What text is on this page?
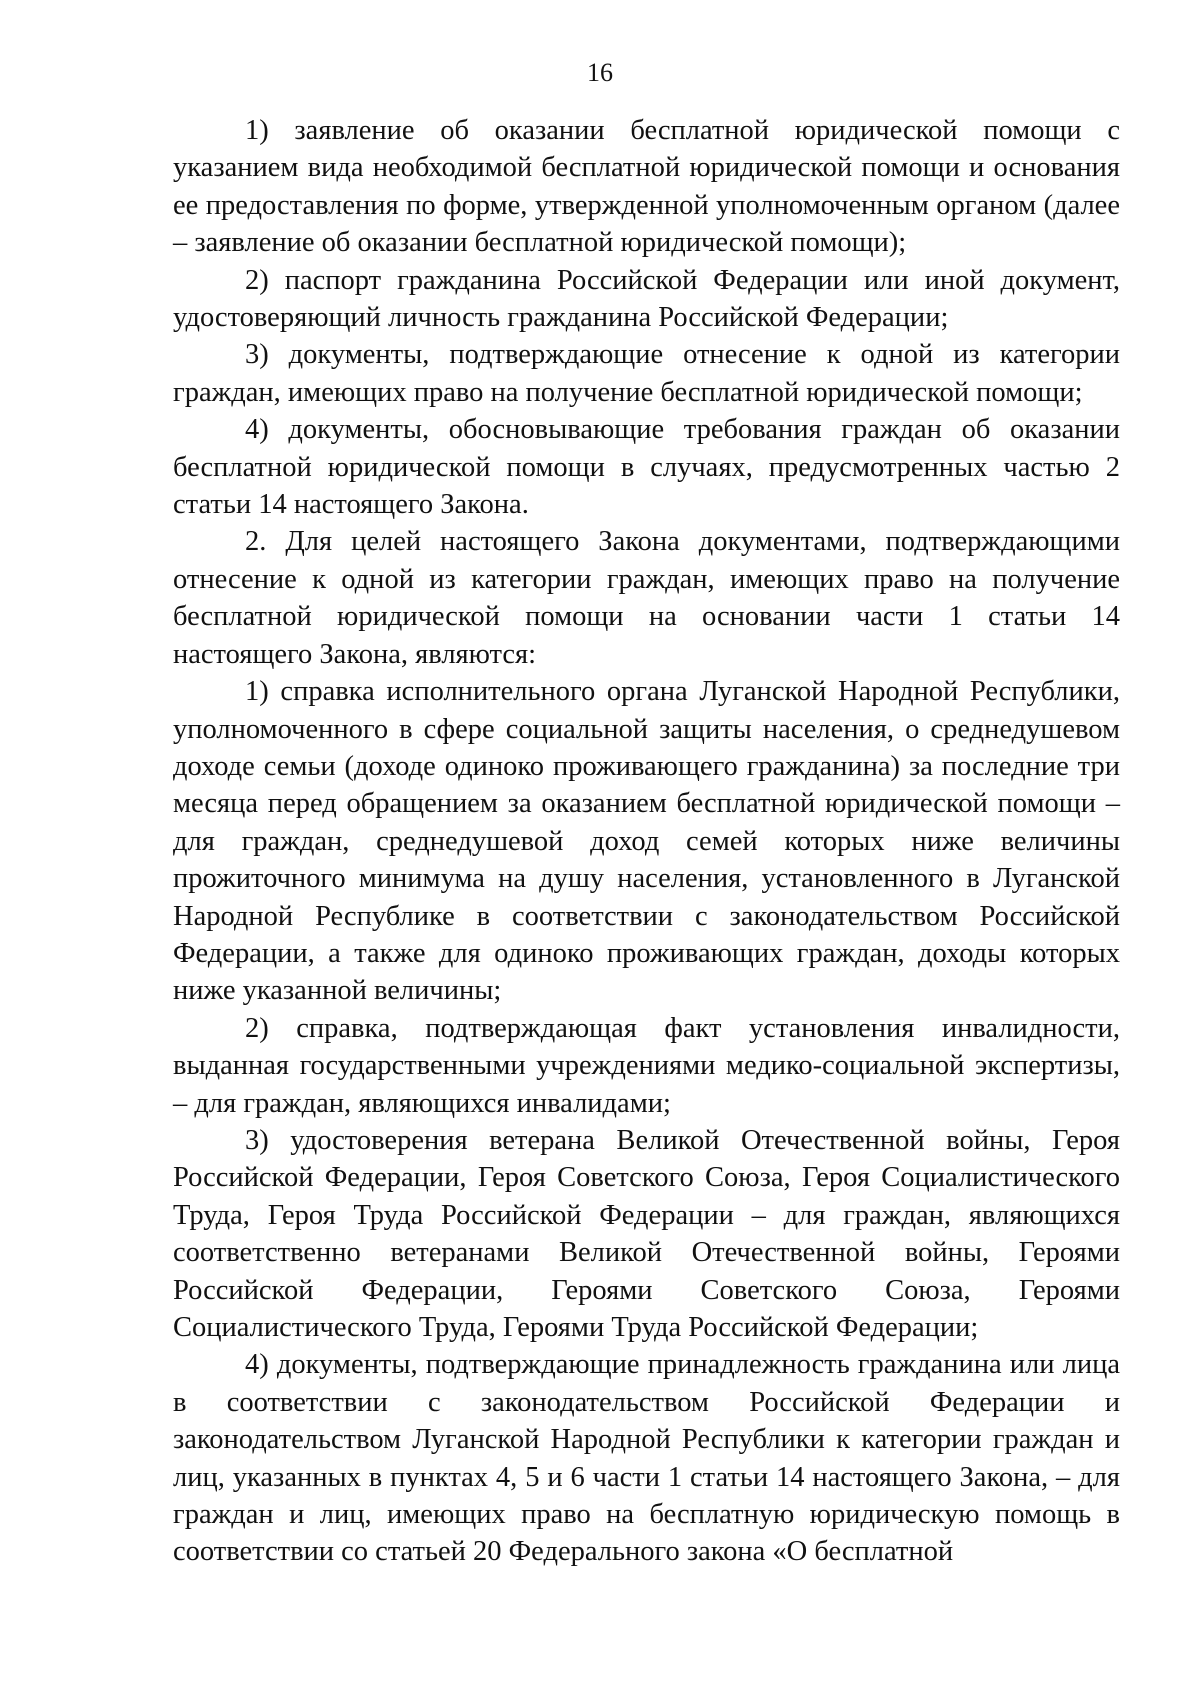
16

1) заявление об оказании бесплатной юридической помощи с указанием вида необходимой бесплатной юридической помощи и основания ее предоставления по форме, утвержденной уполномоченным органом (далее – заявление об оказании бесплатной юридической помощи);

2) паспорт гражданина Российской Федерации или иной документ, удостоверяющий личность гражданина Российской Федерации;

3) документы, подтверждающие отнесение к одной из категории граждан, имеющих право на получение бесплатной юридической помощи;

4) документы, обосновывающие требования граждан об оказании бесплатной юридической помощи в случаях, предусмотренных частью 2 статьи 14 настоящего Закона.

2. Для целей настоящего Закона документами, подтверждающими отнесение к одной из категории граждан, имеющих право на получение бесплатной юридической помощи на основании части 1 статьи 14 настоящего Закона, являются:

1) справка исполнительного органа Луганской Народной Республики, уполномоченного в сфере социальной защиты населения, о среднедушевом доходе семьи (доходе одиноко проживающего гражданина) за последние три месяца перед обращением за оказанием бесплатной юридической помощи – для граждан, среднедушевой доход семей которых ниже величины прожиточного минимума на душу населения, установленного в Луганской Народной Республике в соответствии с законодательством Российской Федерации, а также для одиноко проживающих граждан, доходы которых ниже указанной величины;

2) справка, подтверждающая факт установления инвалидности, выданная государственными учреждениями медико-социальной экспертизы, – для граждан, являющихся инвалидами;

3) удостоверения ветерана Великой Отечественной войны, Героя Российской Федерации, Героя Советского Союза, Героя Социалистического Труда, Героя Труда Российской Федерации – для граждан, являющихся соответственно ветеранами Великой Отечественной войны, Героями Российской Федерации, Героями Советского Союза, Героями Социалистического Труда, Героями Труда Российской Федерации;

4) документы, подтверждающие принадлежность гражданина или лица в соответствии с законодательством Российской Федерации и законодательством Луганской Народной Республики к категории граждан и лиц, указанных в пунктах 4, 5 и 6 части 1 статьи 14 настоящего Закона, – для граждан и лиц, имеющих право на бесплатную юридическую помощь в соответствии со статьей 20 Федерального закона «О бесплатной
